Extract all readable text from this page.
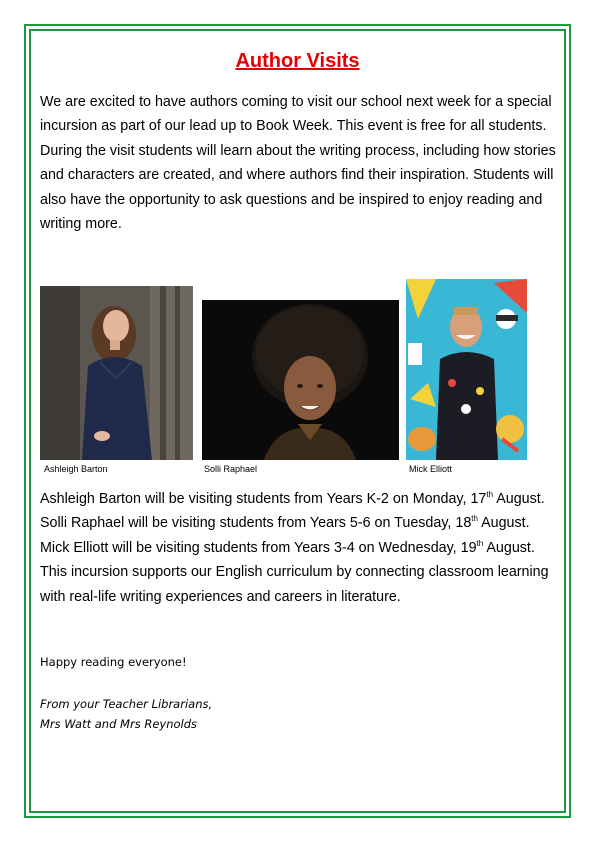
Author Visits
We are excited to have authors coming to visit our school next week for a special incursion as part of our lead up to Book Week. This event is free for all students.
During the visit students will learn about the writing process, including how stories and characters are created, and where authors find their inspiration. Students will also have the opportunity to ask questions and be inspired to enjoy reading and writing more.
Ashleigh Barton	Solli Raphael	Mick Elliott
Ashleigh Barton will be visiting students from Years K-2 on Monday, 17th August. Solli Raphael will be visiting students from Years 5-6 on Tuesday, 18th August. Mick Elliott will be visiting students from Years 3-4 on Wednesday, 19th August.
This incursion supports our English curriculum by connecting classroom learning with real-life writing experiences and careers in literature.
Happy reading everyone!
From your Teacher Librarians,
Mrs Watt and Mrs Reynolds
